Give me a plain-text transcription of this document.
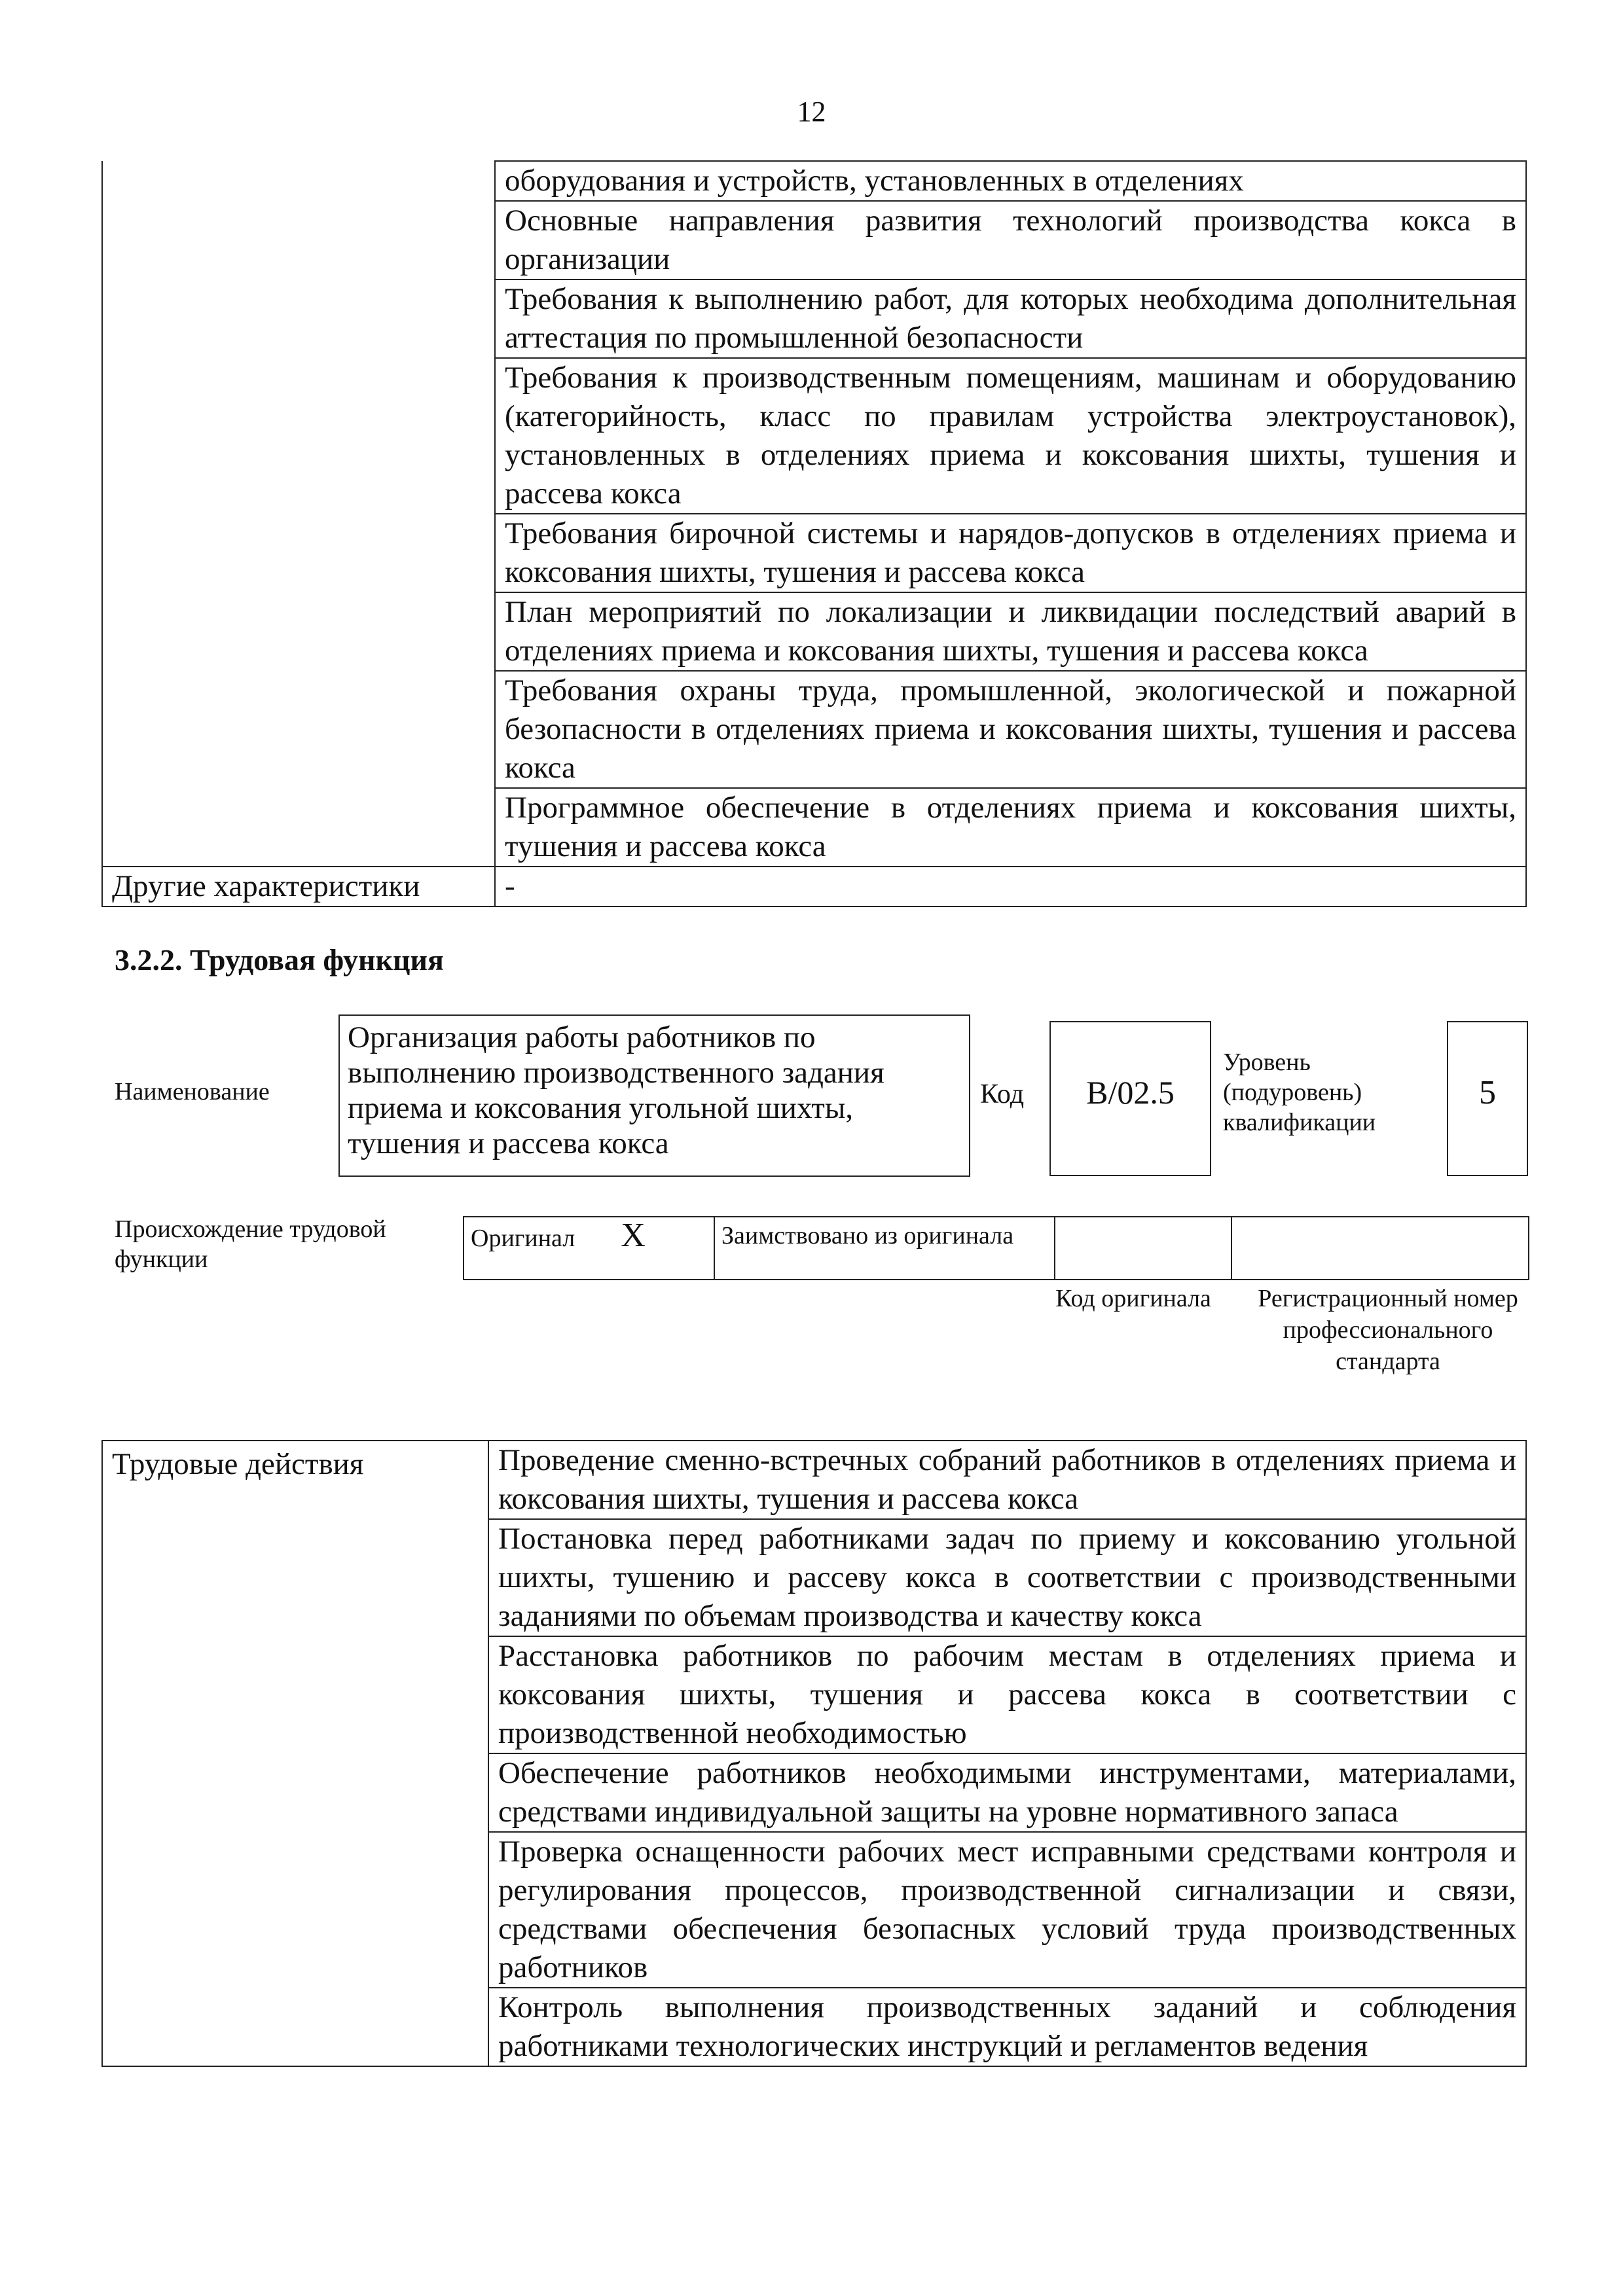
12
	оборудования и устройств, установленных в отделениях
	Основные направления развития технологий производства кокса в организации
	Требования к выполнению работ, для которых необходима дополнительная аттестация по промышленной безопасности
	Требования к производственным помещениям, машинам и оборудованию (категорийность, класс по правилам устройства электроустановок), установленных в отделениях приема и коксования шихты, тушения и рассева кокса
	Требования бирочной системы и нарядов-допусков в отделениях приема и коксования шихты, тушения и рассева кокса
	План мероприятий по локализации и ликвидации последствий аварий в отделениях приема и коксования шихты, тушения и рассева кокса
	Требования охраны труда, промышленной, экологической и пожарной безопасности в отделениях приема и коксования шихты, тушения и рассева кокса
	Программное обеспечение в отделениях приема и коксования шихты, тушения и рассева кокса
Другие характеристики	-
3.2.2. Трудовая функция
Наименование
Организация работы работников по выполнению производственного задания приема и коксования угольной шихты, тушения и рассева кокса
Код	В/02.5
Уровень (подуровень) квалификации
5
Происхождение трудовой функции
Оригинал X	Заимствовано из оригинала		
Код оригинала	Регистрационный номер профессионального стандарта
Трудовые действия	Проведение сменно-встречных собраний работников в отделениях приема и коксования шихты, тушения и рассева кокса
Постановка перед работниками задач по приему и коксованию угольной шихты, тушению и рассеву кокса в соответствии с производственными заданиями по объемам производства и качеству кокса
Расстановка работников по рабочим местам в отделениях приема и коксования шихты, тушения и рассева кокса в соответствии с производственной необходимостью
Обеспечение работников необходимыми инструментами, материалами, средствами индивидуальной защиты на уровне нормативного запаса
Проверка оснащенности рабочих мест исправными средствами контроля и регулирования процессов, производственной сигнализации и связи, средствами обеспечения безопасных условий труда производственных работников
Контроль выполнения производственных заданий и соблюдения работниками технологических инструкций и регламентов ведения
